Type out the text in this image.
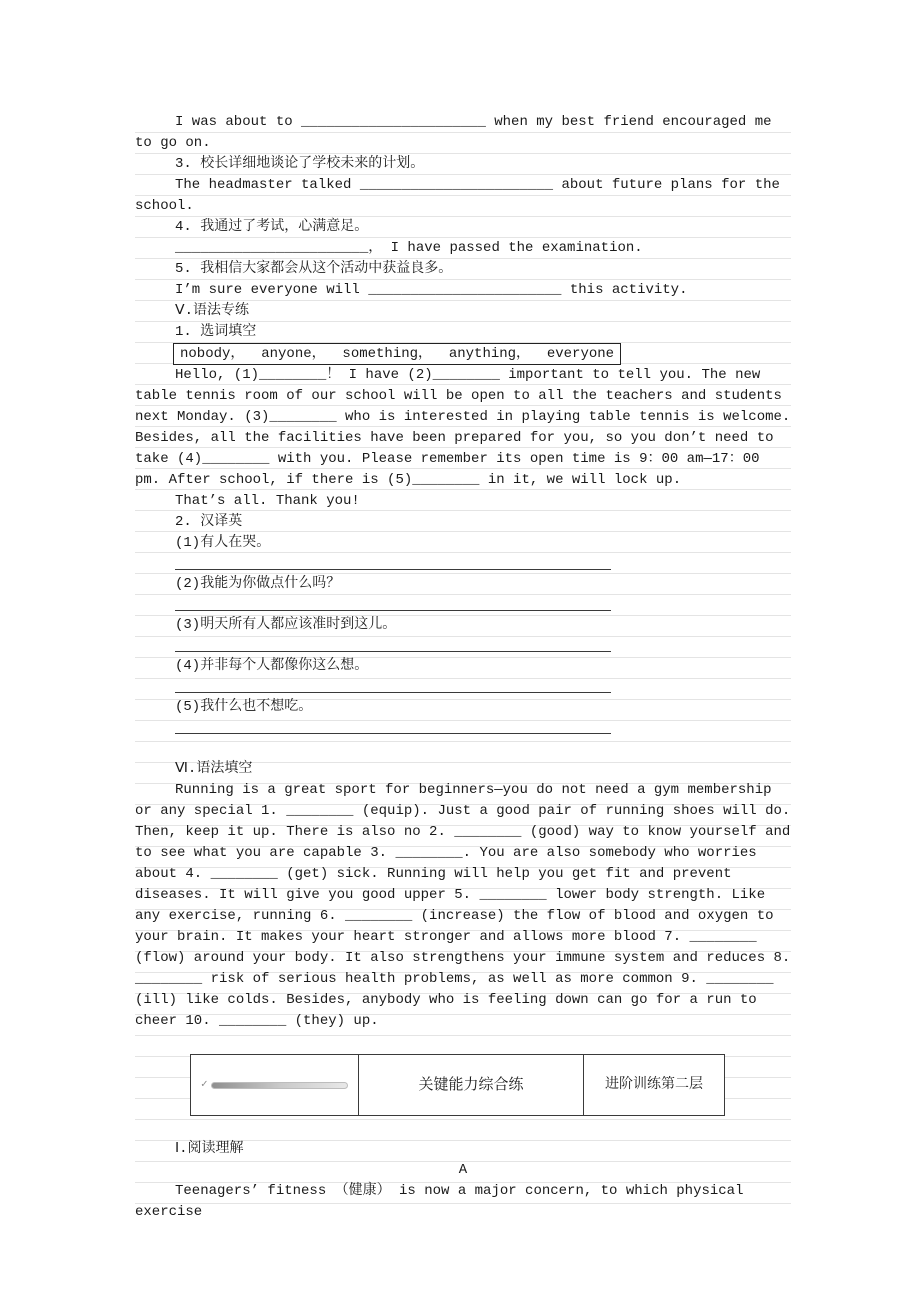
I was about to ______________________ when my best friend encouraged me to go on.

3. 校长详细地谈论了学校未来的计划。

The headmaster talked _______________________ about future plans for the school.

4. 我通过了考试，心满意足。

_______________________， I have passed the examination.

5. 我相信大家都会从这个活动中获益良多。

I’m sure everyone will _______________________ this activity.

Ⅴ.语法专练

1. 选词填空

nobody，  anyone，  something，  anything，  everyone

Hello, (1)________！ I have (2)________ important to tell you. The new table tennis room of our school will be open to all the teachers and students next Monday. (3)________ who is interested in playing table tennis is welcome. Besides, all the facilities have been prepared for you, so you don’t need to take (4)________ with you. Please remember its open time is 9：00 am—17：00 pm. After school, if there is (5)________ in it, we will lock up.

That’s all. Thank you!

2. 汉译英

(1)有人在哭。

(2)我能为你做点什么吗？

(3)明天所有人都应该准时到这儿。

(4)并非每个人都像你这么想。

(5)我什么也不想吃。

Ⅵ.语法填空

Running is a great sport for beginners—you do not need a gym membership or any special 1. ________ (equip). Just a good pair of running shoes will do. Then, keep it up. There is also no 2. ________ (good) way to know yourself and to see what you are capable 3. ________. You are also somebody who worries about 4. ________ (get) sick. Running will help you get fit and prevent diseases. It will give you good upper 5. ________ lower body strength. Like any exercise, running 6. ________ (increase) the flow of blood and oxygen to your brain. It makes your heart stronger and allows more blood 7. ________ (flow) around your body. It also strengthens your immune system and reduces 8. ________ risk of serious health problems, as well as more common 9. ________ (ill) like colds. Besides, anybody who is feeling down can go for a run to cheer 10. ________ (they) up.

✓	关键能力综合练	进阶训练第二层

Ⅰ.阅读理解

A

Teenagers’ fitness （健康） is now a major concern, to which physical exercise
